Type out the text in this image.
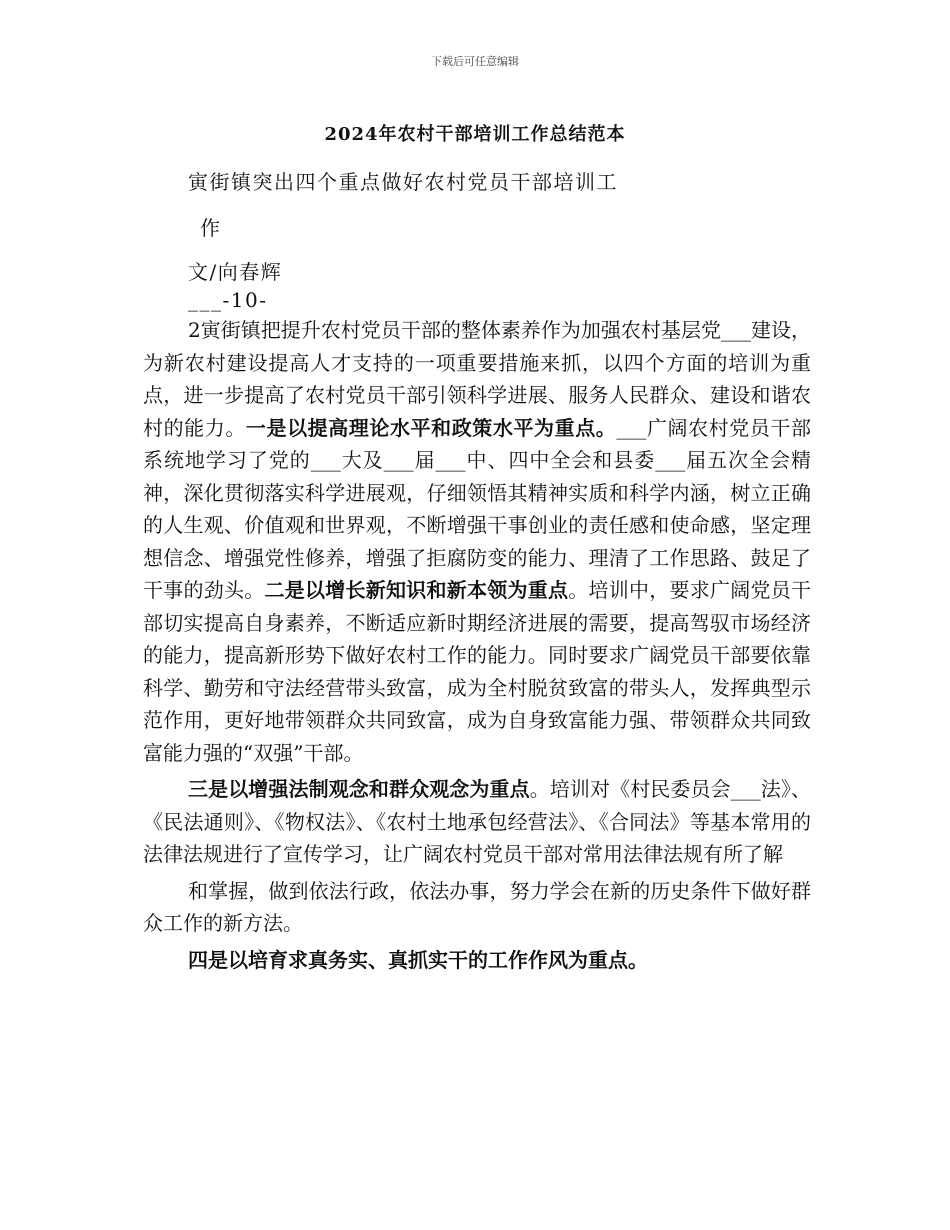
下载后可任意编辑
2024年农村干部培训工作总结范本
寅街镇突出四个重点做好农村党员干部培训工
作
文/向春辉
___-10-

2寅街镇把提升农村党员干部的整体素养作为加强农村基层党___建设，为新农村建设提高人才支持的一项重要措施来抓，以四个方面的培训为重点，进一步提高了农村党员干部引领科学进展、服务人民群众、建设和谐农村的能力。一是以提高理论水平和政策水平为重点。___广阔农村党员干部系统地学习了党的___大及___届___中、四中全会和县委___届五次全会精神，深化贯彻落实科学进展观，仔细领悟其精神实质和科学内涵，树立正确的人生观、价值观和世界观，不断增强干事创业的责任感和使命感，坚定理想信念、增强党性修养，增强了拒腐防变的能力、理清了工作思路、鼓足了干事的劲头。二是以增长新知识和新本领为重点。培训中，要求广阔党员干部切实提高自身素养，不断适应新时期经济进展的需要，提高驾驭市场经济的能力，提高新形势下做好农村工作的能力。同时要求广阔党员干部要依靠科学、勤劳和守法经营带头致富，成为全村脱贫致富的带头人，发挥典型示范作用，更好地带领群众共同致富，成为自身致富能力强、带领群众共同致富能力强的“双强”干部。

三是以增强法制观念和群众观念为重点。培训对《村民委员会___法》、《民法通则》、《物权法》、《农村土地承包经营法》、《合同法》等基本常用的法律法规进行了宣传学习，让广阔农村党员干部对常用法律法规有所了解

和掌握，做到依法行政，依法办事，努力学会在新的历史条件下做好群众工作的新方法。

四是以培育求真务实、真抓实干的工作作风为重点。
